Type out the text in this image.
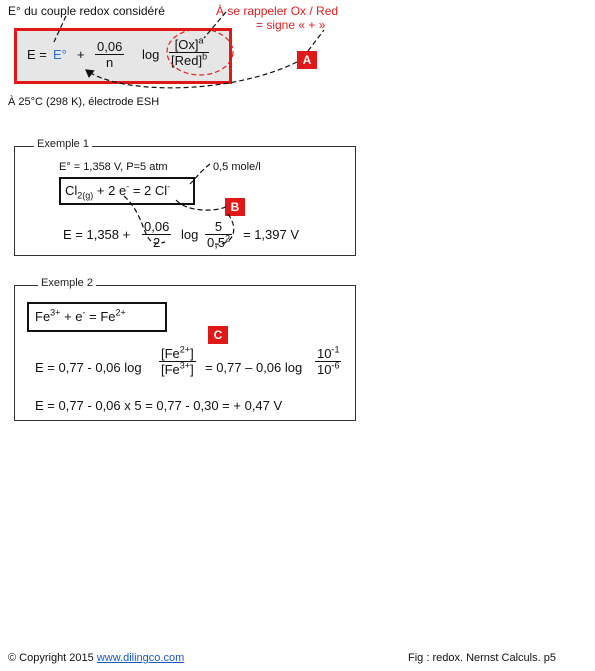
E° du couple redox considéré	À se rappeler Ox / Red
= signe « + »
$E = E^\circ + \frac{0,06}{n}$ log
$[Ox]^a$
[Red]$^b$	A
À 25°C (298 K), électrode ESH
E° = 1,358 V, P=5 atm	0,5 mole/l
$Cl_{2(g)} + 2$ e- = 2 Cl-
$E = 1,358 + \frac{0,06}{2}$ $\log \frac{5}{0,5^2} = 1,397$ V
Exemple 1
B
$Fe^{3+} + e^- = Fe^{2+}$
E = 0,77 - 0,06 $\log \frac{[Fe^{2+}]}{[Fe^{3+}]} = 0,77 - 0,06$ $\log \frac{10^{-1}}{10^{-6}}$
E = 0,77 - 0,06 x 5 = 0,77 - 0,30 = + 0,47 V
Exemple 2
C
© Copyright 2015 www.dilingco.com	Fig : redox. Nernst Calculs. p5
